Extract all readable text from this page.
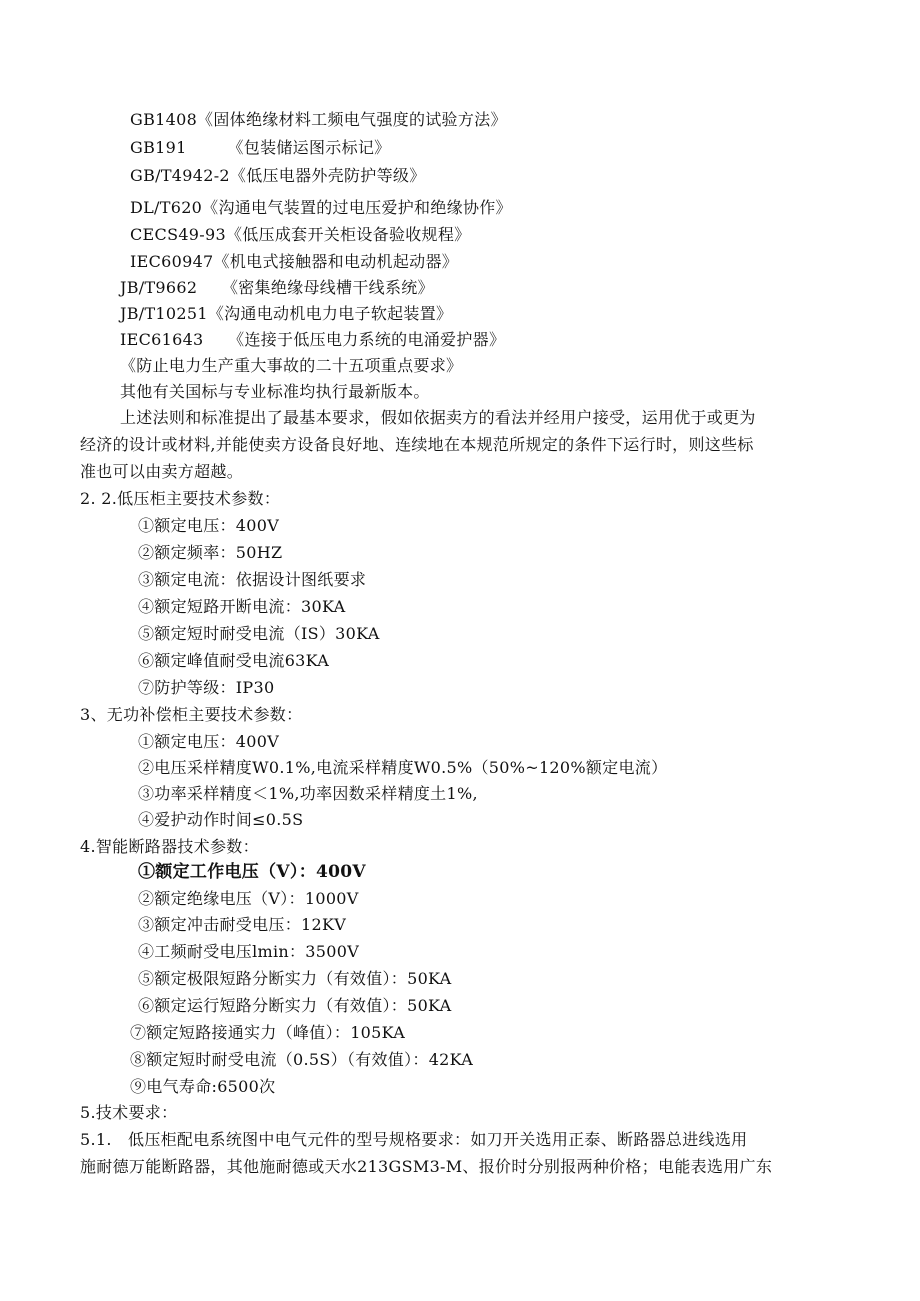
GB1408《固体绝缘材料工频电气强度的试验方法》
GB191　　　《包装储运图示标记》
GB/T4942-2《低压电器外壳防护等级》
DL/T620《沟通电气装置的过电压爱护和绝缘协作》
CECS49-93《低压成套开关柜设备验收规程》
IEC60947《机电式接触器和电动机起动器》
JB/T9662　　《密集绝缘母线槽干线系统》
JB/T10251《沟通电动机电力电子软起装置》
IEC61643　　《连接于低压电力系统的电涌爱护器》
《防止电力生产重大事故的二十五项重点要求》
其他有关国标与专业标准均执行最新版本。
上述法则和标准提出了最基本要求，假如依据卖方的看法并经用户接受，运用优于或更为
经济的设计或材料,并能使卖方设备良好地、连续地在本规范所规定的条件下运行时，则这些标
准也可以由卖方超越。
2. 2.低压柜主要技术参数：
①额定电压：400V
②额定频率：50HZ
③额定电流：依据设计图纸要求
④额定短路开断电流：30KA
⑤额定短时耐受电流（IS）30KA
⑥额定峰值耐受电流63KA
⑦防护等级：IP30
3、无功补偿柜主要技术参数：
①额定电压：400V
②电压采样精度W0.1%,电流采样精度W0.5%（50%~120%额定电流）
③功率采样精度＜1%,功率因数采样精度土1%,
④爱护动作时间≤0.5S
4.智能断路器技术参数：
①额定工作电压（V）：400V
②额定绝缘电压（V）：1000V
③额定冲击耐受电压：12KV
④工频耐受电压lmin：3500V
⑤额定极限短路分断实力（有效值）：50KA
⑥额定运行短路分断实力（有效值）：50KA
⑦额定短路接通实力（峰值）：105KA
⑧额定短时耐受电流（0.5S）（有效值）：42KA
⑨电气寿命:6500次
5.技术要求：
5.1.　低压柜配电系统图中电气元件的型号规格要求：如刀开关选用正泰、断路器总进线选用
施耐德万能断路器，其他施耐德或天水213GSM3-M、报价时分别报两种价格；电能表选用广东
